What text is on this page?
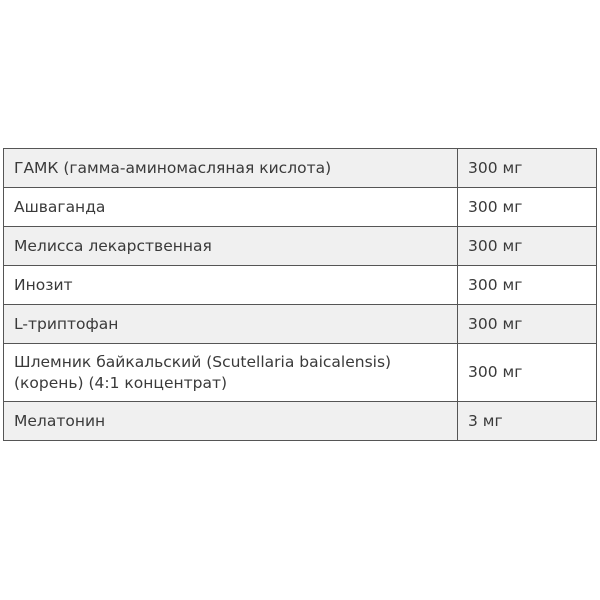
ГАМК (гамма-аминомасляная кислота)	300 мг
Ашваганда	300 мг
Мелисса лекарственная	300 мг
Инозит	300 мг
L-триптофан	300 мг
Шлемник байкальский (Scutellaria baicalensis) (корень) (4:1 концентрат)	300 мг
Мелатонин	3 мг
